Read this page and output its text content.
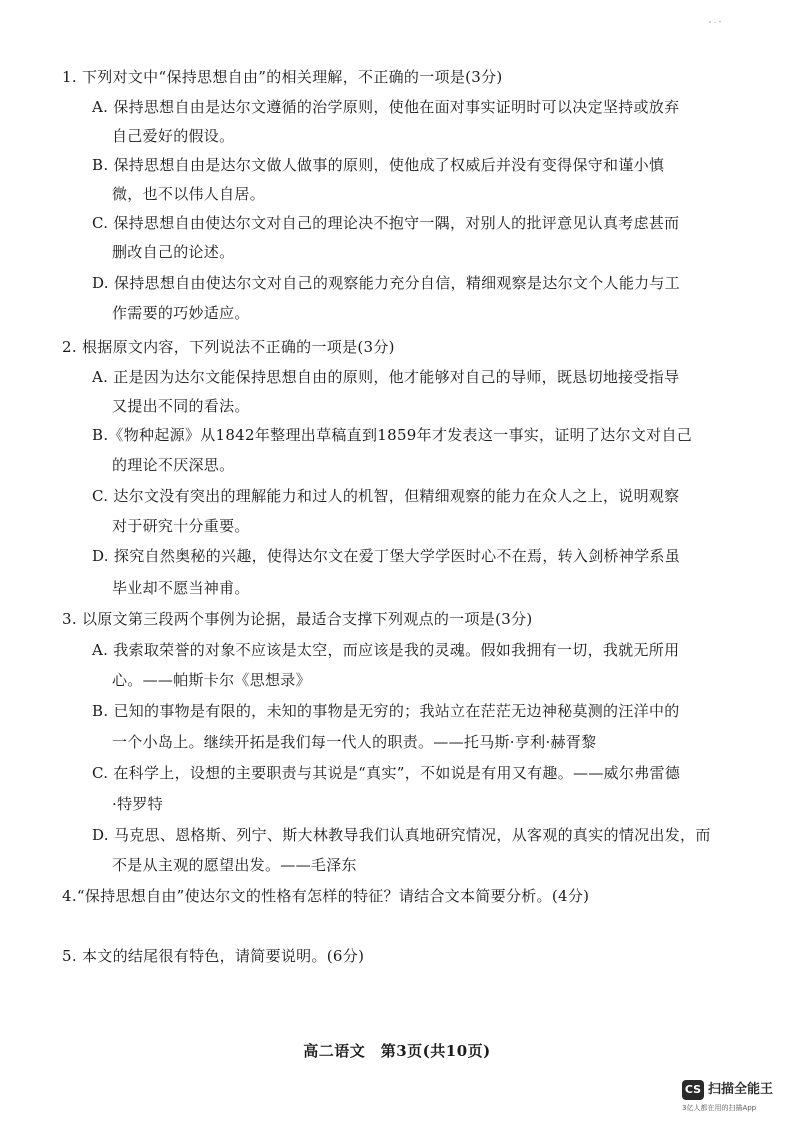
1. 下列对文中“保持思想自由”的相关理解，不正确的一项是(3分)
A. 保持思想自由是达尔文遵循的治学原则，使他在面对事实证明时可以决定坚持或放弃
自己爱好的假设。
B. 保持思想自由是达尔文做人做事的原则，使他成了权威后并没有变得保守和谨小慎
微，也不以伟人自居。
C. 保持思想自由使达尔文对自己的理论决不抱守一隅，对别人的批评意见认真考虑甚而
删改自己的论述。
D. 保持思想自由使达尔文对自己的观察能力充分自信，精细观察是达尔文个人能力与工
作需要的巧妙适应。
2. 根据原文内容，下列说法不正确的一项是(3分)
A. 正是因为达尔文能保持思想自由的原则，他才能够对自己的导师，既恳切地接受指导
又提出不同的看法。
B.《物种起源》从1842年整理出草稿直到1859年才发表这一事实，证明了达尔文对自己
的理论不厌深思。
C. 达尔文没有突出的理解能力和过人的机智，但精细观察的能力在众人之上，说明观察
对于研究十分重要。
D. 探究自然奥秘的兴趣，使得达尔文在爱丁堡大学学医时心不在焉，转入剑桥神学系虽
毕业却不愿当神甫。
3. 以原文第三段两个事例为论据，最适合支撑下列观点的一项是(3分)
A. 我索取荣誉的对象不应该是太空，而应该是我的灵魂。假如我拥有一切，我就无所用
心。——帕斯卡尔《思想录》
B. 已知的事物是有限的，未知的事物是无穷的；我站立在茫茫无边神秘莫测的汪洋中的
一个小岛上。继续开拓是我们每一代人的职责。——托马斯·亨利·赫胥黎
C. 在科学上，设想的主要职责与其说是“真实”，不如说是有用又有趣。——威尔弗雷德
·特罗特
D. 马克思、恩格斯、列宁、斯大林教导我们认真地研究情况，从客观的真实的情况出发，而
不是从主观的愿望出发。——毛泽东
4.“保持思想自由”使达尔文的性格有怎样的特征？请结合文本简要分析。(4分)
5. 本文的结尾很有特色，请简要说明。(6分)
高二语文　第3页(共10页)
CS 扫描全能王
3亿人都在用的扫描App
